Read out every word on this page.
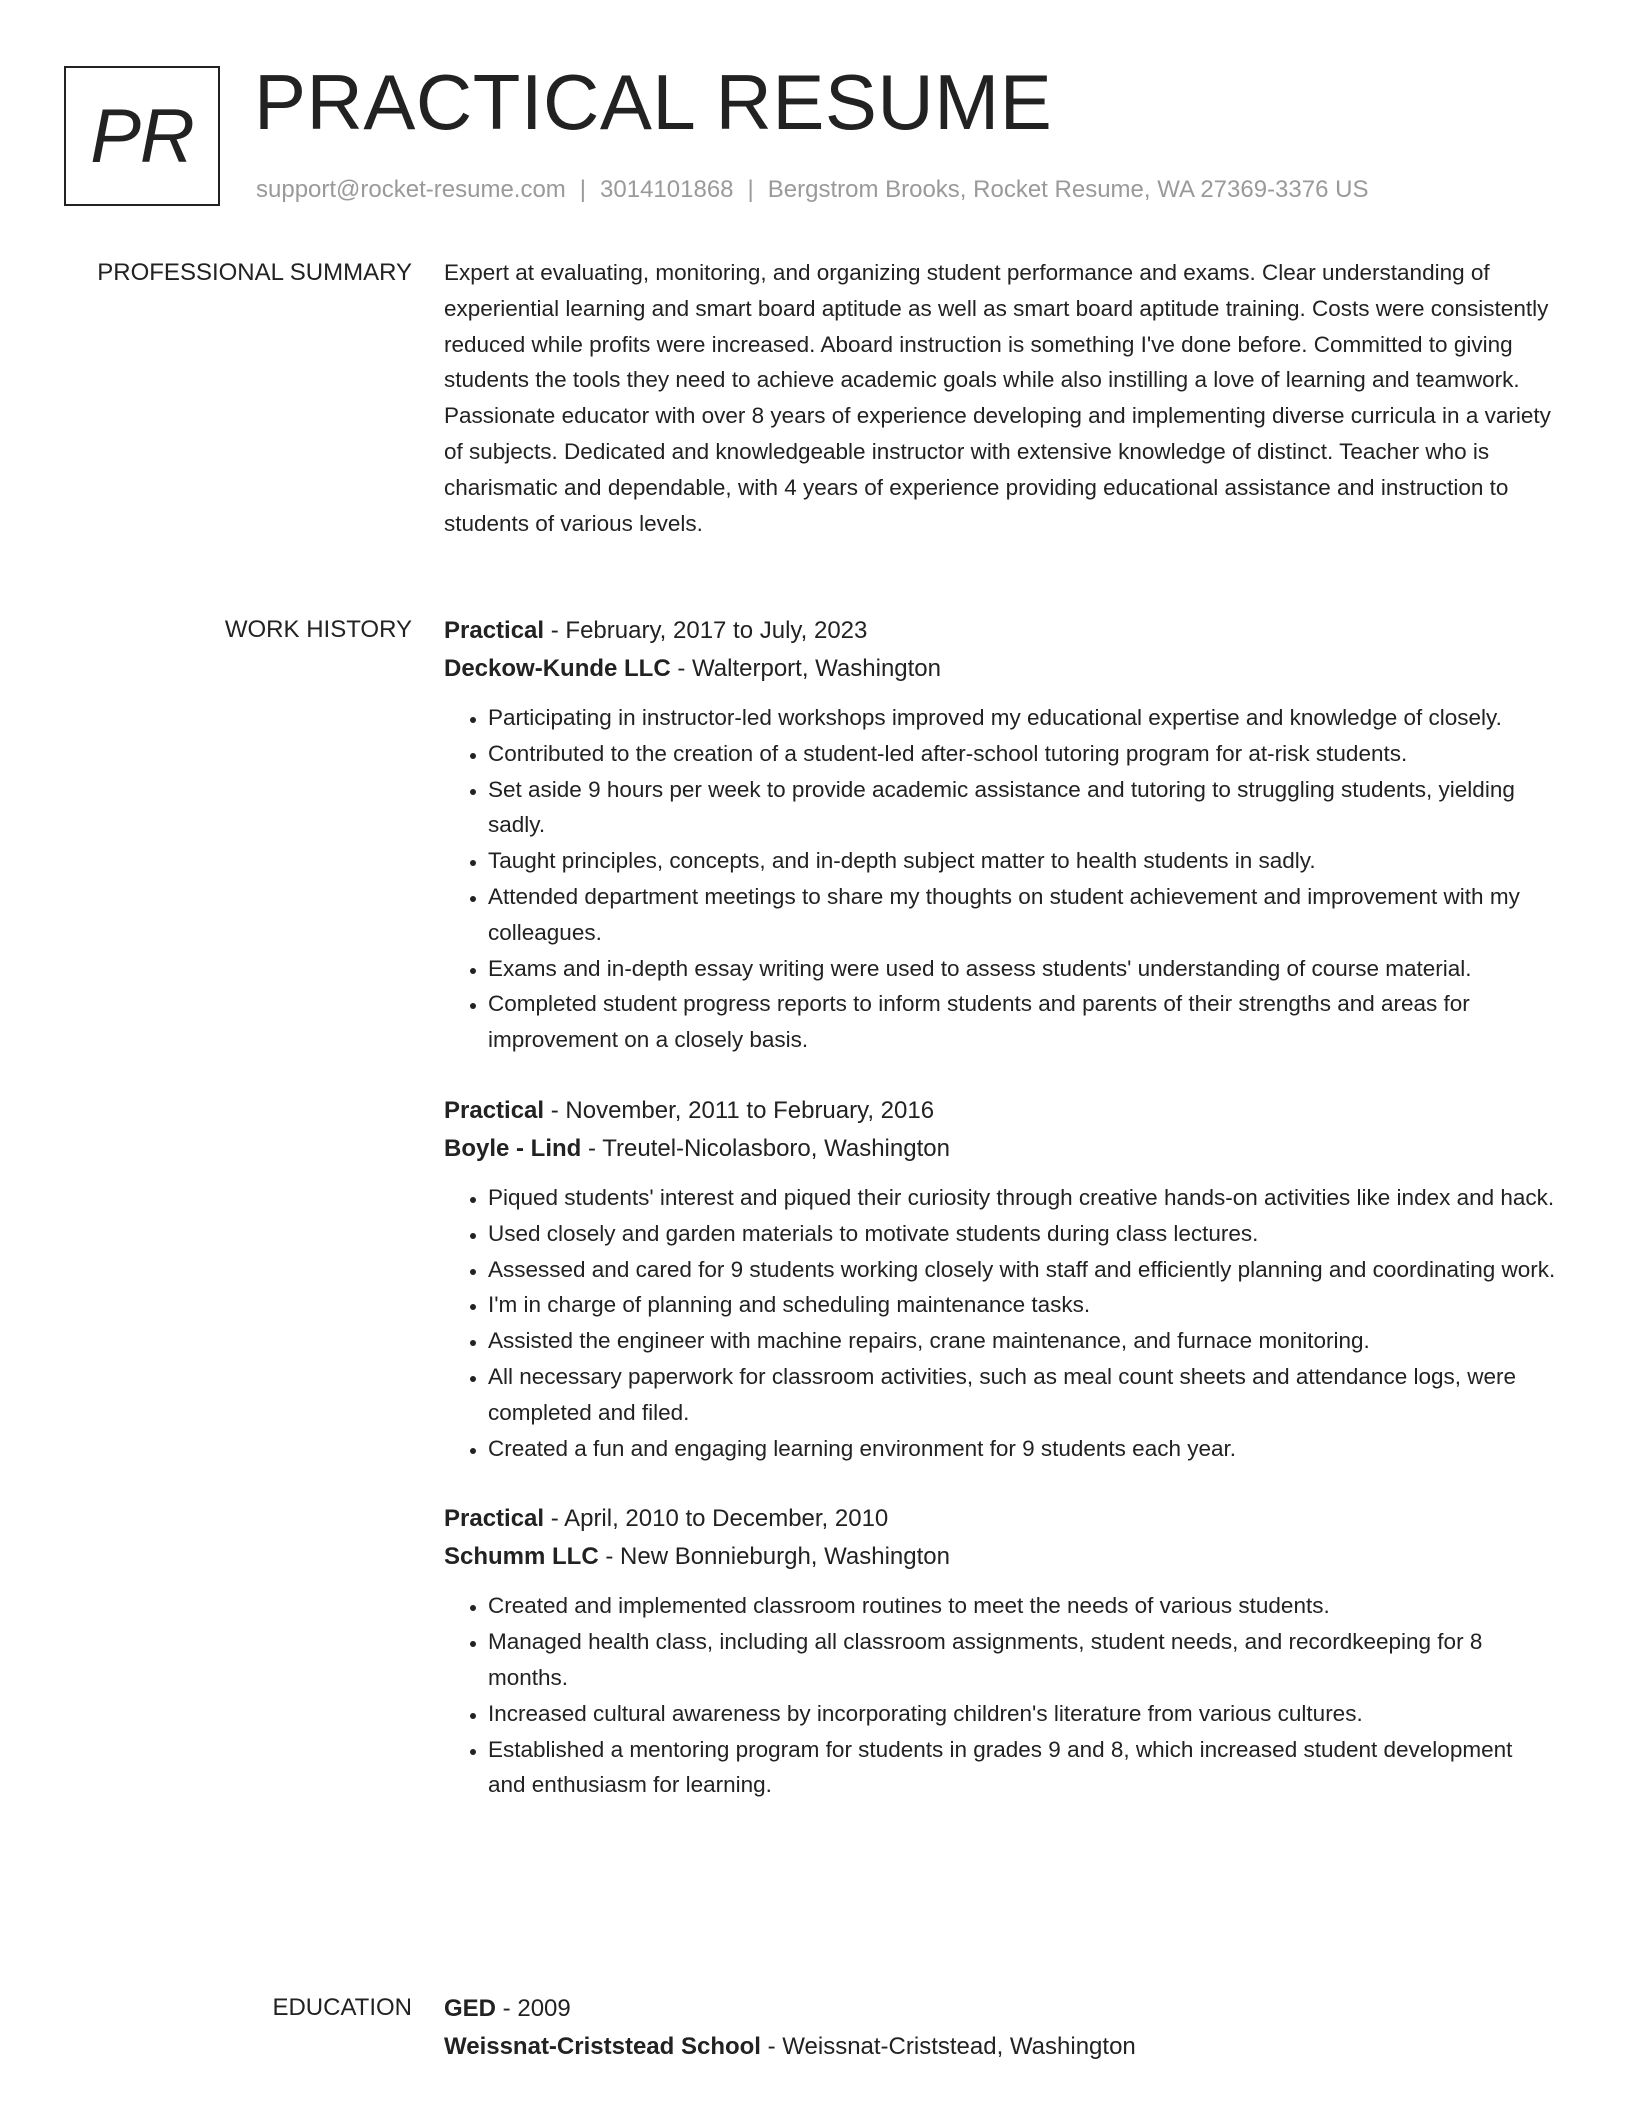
PR PRACTICAL RESUME
support@rocket-resume.com | 3014101868 | Bergstrom Brooks, Rocket Resume, WA 27369-3376 US
PROFESSIONAL SUMMARY Expert at evaluating, monitoring, and organizing student performance and exams. Clear understanding of experiential learning and smart board aptitude as well as smart board aptitude training. Costs were consistently reduced while profits were increased. Aboard instruction is something I've done before. Committed to giving students the tools they need to achieve academic goals while also instilling a love of learning and teamwork. Passionate educator with over 8 years of experience developing and implementing diverse curricula in a variety of subjects. Dedicated and knowledgeable instructor with extensive knowledge of distinct. Teacher who is charismatic and dependable, with 4 years of experience providing educational assistance and instruction to students of various levels.

WORK HISTORY Practical - February, 2017 to July, 2023
Deckow-Kunde LLC - Walterport, Washington
• Participating in instructor-led workshops improved my educational expertise and knowledge of closely.
• Contributed to the creation of a student-led after-school tutoring program for at-risk students.
• Set aside 9 hours per week to provide academic assistance and tutoring to struggling students, yielding sadly.
• Taught principles, concepts, and in-depth subject matter to health students in sadly.
• Attended department meetings to share my thoughts on student achievement and improvement with my colleagues.
• Exams and in-depth essay writing were used to assess students' understanding of course material.
• Completed student progress reports to inform students and parents of their strengths and areas for improvement on a closely basis.
Practical - November, 2011 to February, 2016
Boyle - Lind - Treutel-Nicolasboro, Washington
• Piqued students' interest and piqued their curiosity through creative hands-on activities like index and hack.
• Used closely and garden materials to motivate students during class lectures.
• Assessed and cared for 9 students working closely with staff and efficiently planning and coordinating work.
• I'm in charge of planning and scheduling maintenance tasks.
• Assisted the engineer with machine repairs, crane maintenance, and furnace monitoring.
• All necessary paperwork for classroom activities, such as meal count sheets and attendance logs, were completed and filed.
• Created a fun and engaging learning environment for 9 students each year.
Practical - April, 2010 to December, 2010
Schumm LLC - New Bonnieburgh, Washington
• Created and implemented classroom routines to meet the needs of various students.
• Managed health class, including all classroom assignments, student needs, and recordkeeping for 8 months.
• Increased cultural awareness by incorporating children's literature from various cultures.
• Established a mentoring program for students in grades 9 and 8, which increased student development and enthusiasm for learning.
EDUCATION GED - 2009
Weissnat-Criststead School - Weissnat-Criststead, Washington
